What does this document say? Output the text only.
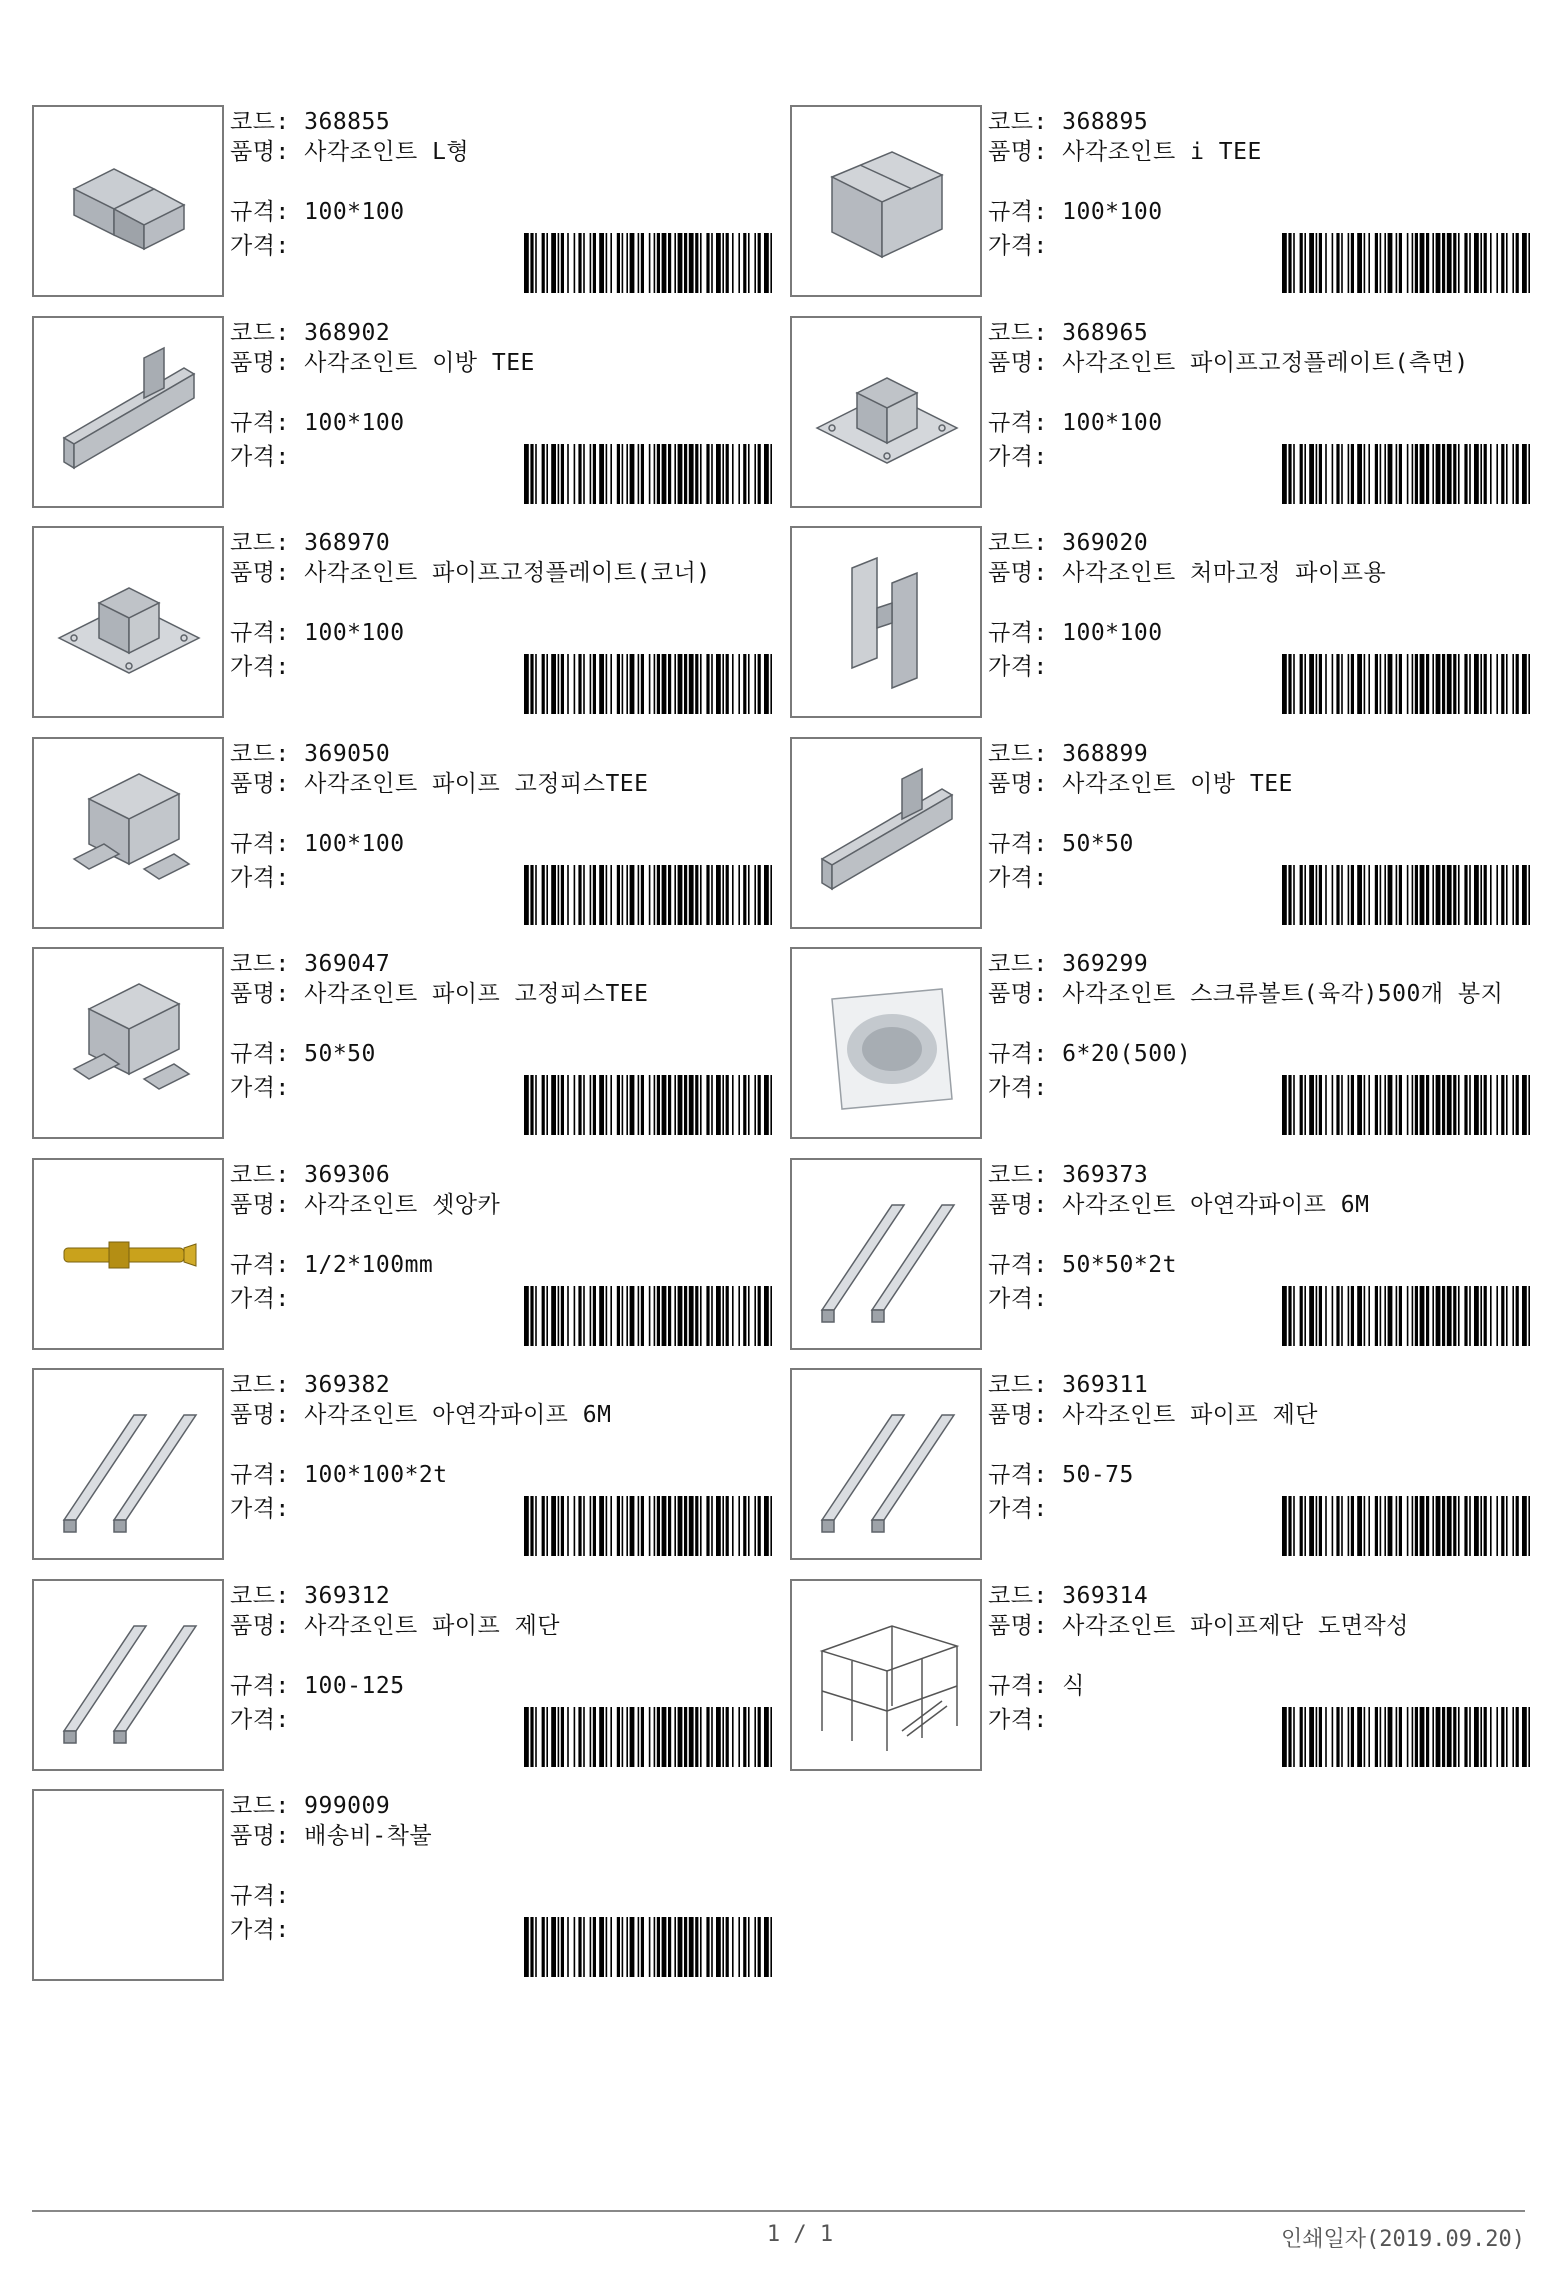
코드: 368855
품명: 사각조인트 L형
규격: 100*100
가격:
코드: 368895
품명: 사각조인트 i TEE
규격: 100*100
가격:
코드: 368902
품명: 사각조인트 이방 TEE
규격: 100*100
가격:
코드: 368965
품명: 사각조인트 파이프고정플레이트(측면)
규격: 100*100
가격:
코드: 368970
품명: 사각조인트 파이프고정플레이트(코너)
규격: 100*100
가격:
코드: 369020
품명: 사각조인트 처마고정 파이프용
규격: 100*100
가격:
코드: 369050
품명: 사각조인트 파이프 고정피스TEE
규격: 100*100
가격:
코드: 368899
품명: 사각조인트 이방 TEE
규격: 50*50
가격:
코드: 369047
품명: 사각조인트 파이프 고정피스TEE
규격: 50*50
가격:
코드: 369299
품명: 사각조인트 스크류볼트(육각)500개 봉지
규격: 6*20(500)
가격:
코드: 369306
품명: 사각조인트 셋앙카
규격: 1/2*100mm
가격:
코드: 369373
품명: 사각조인트 아연각파이프 6M
규격: 50*50*2t
가격:
코드: 369382
품명: 사각조인트 아연각파이프 6M
규격: 100*100*2t
가격:
코드: 369311
품명: 사각조인트 파이프 제단
규격: 50-75
가격:
코드: 369312
품명: 사각조인트 파이프 제단
규격: 100-125
가격:
코드: 369314
품명: 사각조인트 파이프제단 도면작성
규격: 식
가격:
코드: 999009
품명: 배송비-착불
규격:
가격:
1 / 1	인쇄일자(2019.09.20)
